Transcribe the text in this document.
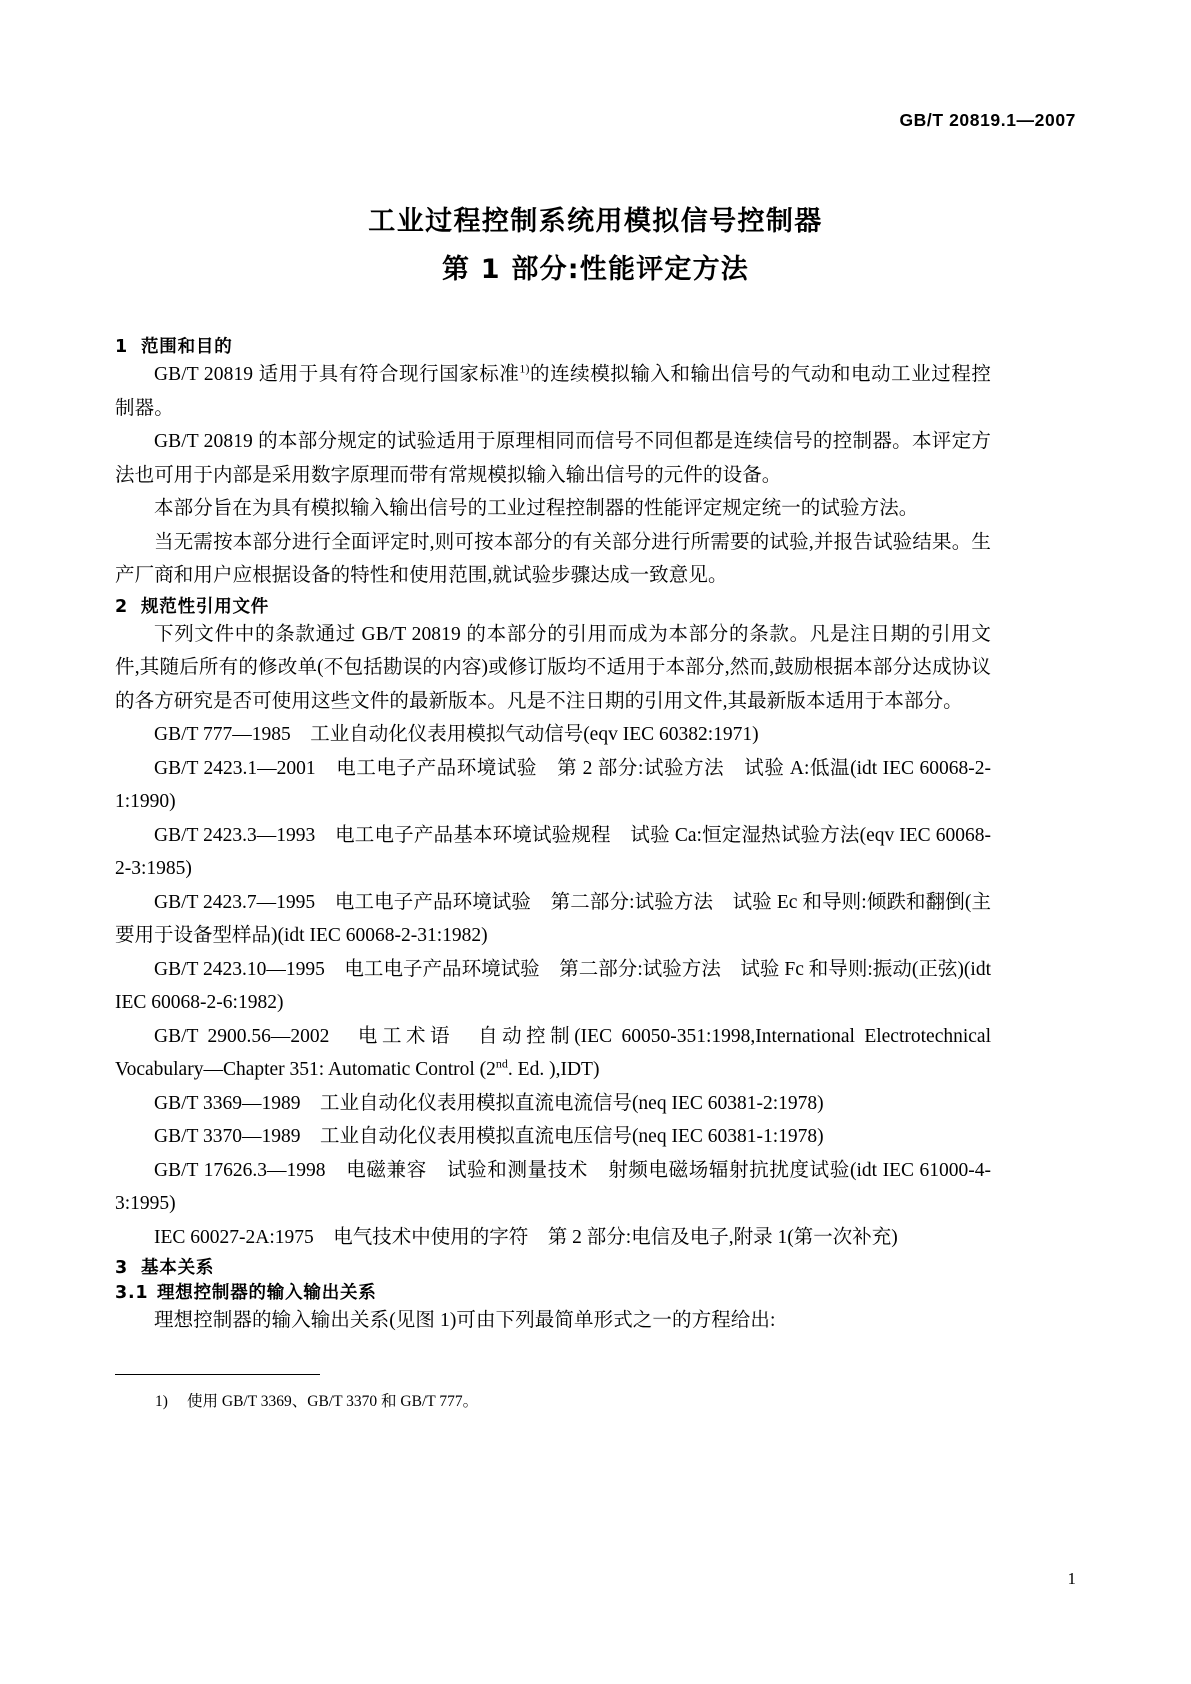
GB/T 20819.1—2007
工业过程控制系统用模拟信号控制器
第 1 部分:性能评定方法
1 范围和目的

GB/T 20819 适用于具有符合现行国家标准$^{1)}$的连续模拟输入和输出信号的气动和电动工业过程控制器。

GB/T 20819 的本部分规定的试验适用于原理相同而信号不同但都是连续信号的控制器。本评定方法也可用于内部是采用数字原理而带有常规模拟输入输出信号的元件的设备。

本部分旨在为具有模拟输入输出信号的工业过程控制器的性能评定规定统一的试验方法。

当无需按本部分进行全面评定时,则可按本部分的有关部分进行所需要的试验,并报告试验结果。生产厂商和用户应根据设备的特性和使用范围,就试验步骤达成一致意见。

2 规范性引用文件

下列文件中的条款通过 GB/T 20819 的本部分的引用而成为本部分的条款。凡是注日期的引用文件,其随后所有的修改单(不包括勘误的内容)或修订版均不适用于本部分,然而,鼓励根据本部分达成协议的各方研究是否可使用这些文件的最新版本。凡是不注日期的引用文件,其最新版本适用于本部分。

GB/T 777—1985　工业自动化仪表用模拟气动信号(eqv IEC 60382:1971)

GB/T 2423.1—2001　电工电子产品环境试验　第 2 部分:试验方法　试验 A:低温(idt IEC 60068-2-1:1990)

GB/T 2423.3—1993　电工电子产品基本环境试验规程　试验 Ca:恒定湿热试验方法(eqv IEC 60068-2-3:1985)

GB/T 2423.7—1995　电工电子产品环境试验　第二部分:试验方法　试验 Ec 和导则:倾跌和翻倒(主要用于设备型样品)(idt IEC 60068-2-31:1982)

GB/T 2423.10—1995　电工电子产品环境试验　第二部分:试验方法　试验 Fc 和导则:振动(正弦)(idt IEC 60068-2-6:1982)

GB/T 2900.56—2002　电工术语　自动控制(IEC 60050-351:1998,International Electrotechnical Vocabulary—Chapter 351: Automatic Control (2nd. Ed. ),IDT)

GB/T 3369—1989　工业自动化仪表用模拟直流电流信号(neq IEC 60381-2:1978)

GB/T 3370—1989　工业自动化仪表用模拟直流电压信号(neq IEC 60381-1:1978)

GB/T 17626.3—1998　电磁兼容　试验和测量技术　射频电磁场辐射抗扰度试验(idt IEC 61000-4-3:1995)

IEC 60027-2A:1975　电气技术中使用的字符　第 2 部分:电信及电子,附录 1(第一次补充)

3 基本关系
3.1 理想控制器的输入输出关系

理想控制器的输入输出关系(见图 1)可由下列最简单形式之一的方程给出:

1) 使用 GB/T 3369、GB/T 3370 和 GB/T 777。
1
